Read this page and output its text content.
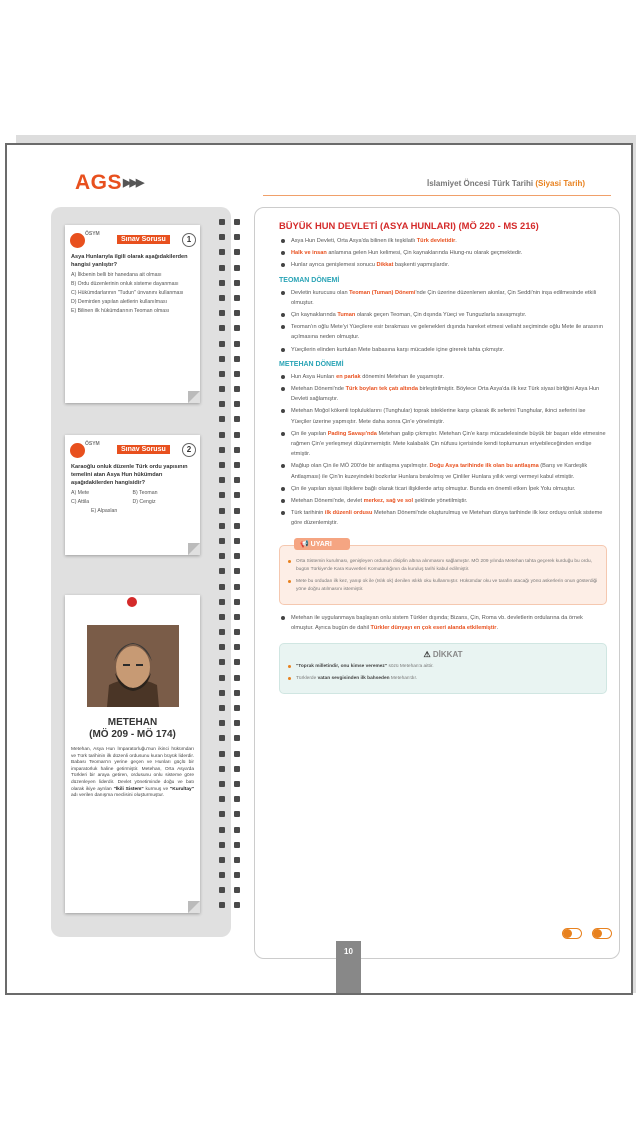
AGS▶▶▶	İslamiyet Öncesi Türk Tarihi (Siyasi Tarih)
ÖSYM
Sınav Sorusu	1
Asya Hunlarıyla ilgili olarak aşağıdakilerden hangisi yanlıştır?
A) İlkbenin belli bir hanedana ait olması
B) Ordu düzenlerinin onluk sisteme dayanması
C) Hükümdarlarının "Tudun" ünvanını kullanması
D) Demirden yapılan aletlerin kullanılması
E) Bilinen ilk hükümdarının Teoman olması
ÖSYM
Sınav Sorusu	2
Karaoğlu onluk düzenle Türk ordu yapısının temelini atan Asya Hun hükümdarı aşağıdakilerden hangisidir?
A) Mete	B) Teoman
C) Attila	D) Cengiz
E) Alpaslan
METEHAN
(MÖ 209 - MÖ 174)
Metehan, Asya Hun İmparatorluğu'nun ikinci hükümdarı ve Türk tarihinin ilk düzenli ordusunu kuran büyük liderdir. Babası Teoman'ın yerine geçen ve Hunları güçlü bir imparatorluk haline getirmiştir. Metehan, Orta Asya'da Türkleri bir araya getiren, ordusunu onlu sisteme göre düzenleyen liderdir. Devlet yönetiminde doğu ve batı olarak ikiye ayrılan "İkili Sistem" kurmuş ve "Kurultay" adı verilen danışma meclisini oluşturmuştur.
BÜYÜK HUN DEVLETİ (ASYA HUNLARI) (MÖ 220 - MS 216)
Asya Hun Devleti, Orta Asya'da bilinen ilk teşkilatlı Türk devletidir.
Halk ve insan anlamına gelen Hun kelimesi, Çin kaynaklarında Hiung-nu olarak geçmektedir.
Hunlar ayrıca genişlemesi sonucu Dikkat başkenti yapmışlardır.
TEOMAN DÖNEMİ
Devletin kurucusu olan Teoman (Tuman) Dönemi'nde Çin üzerine düzenlenen akınlar, Çin Seddi'nin inşa edilmesinde etkili olmuştur.
Çin kaynaklarında Tuman olarak geçen Teoman, Çin dışında Yüeçi ve Tunguzlarla savaşmıştır.
Teoman'ın oğlu Mete'yi Yüeçilere esir bırakması ve gelenekleri dışında hareket etmesi veliaht seçiminde oğlu Mete ile arasının açılmasına neden olmuştur.
Yüeçilerin elinden kurtulan Mete babasına karşı mücadele içine girerek tahta çıkmıştır.
METEHAN DÖNEMİ
Hun Asya Hunları en parlak dönemini Metehan ile yaşamıştır.
Metehan Dönemi'nde Türk boyları tek çatı altında birleştirilmiştir. Böylece Orta Asya'da ilk kez Türk siyasi birliğini Asya Hun Devleti sağlamıştır.
Metehan Moğol kökenli topluluklarını (Tunghular) toprak isteklerine karşı çıkarak ilk seferini Tunghular, ikinci seferini ise Yüeçiler üzerine yapmıştır. Mete daha sonra Çin'e yönelmiştir.
Çin ile yapılan Pading Savaşı'nda Metehan galip çıkmıştır. Metehan Çin'e karşı mücadelesinde büyük bir başarı elde etmesine rağmen Çin'e yerleşmeyi düşünmemiştir. Mete kalabalık Çin nüfusu içerisinde kendi toplumunun eriyebileceğinden endişe etmiştir.
Mağlup olan Çin ile MÖ 200'de bir antlaşma yapılmıştır. Doğu Asya tarihinde ilk olan bu antlaşma (Barış ve Kardeşlik Antlaşması) ile Çin'in kuzeyindeki bozkırlar Hunlara bırakılmış ve Çinliler Hunlara yıllık vergi vermeyi kabul etmiştir.
Çin ile yapılan siyasi ilişkilere bağlı olarak ticari ilişkilerde artış olmuştur. Bunda en önemli etken İpek Yolu olmuştur.
Metehan Dönemi'nde, devlet merkez, sağ ve sol şeklinde yönetilmiştir.
Türk tarihinin ilk düzenli ordusu Metehan Dönemi'nde oluşturulmuş ve Metehan dünya tarihinde ilk kez orduyu onluk sisteme göre düzenlemiştir.
📢 UYARI
Orta Sistemin kurulması, genişleyen ordunun disiplin altına alınmasını sağlamıştır. MÖ 209 yılında Metehan tahta geçerek kurduğu bu ordu, bugün Türkiye'de Kara Kuvvetleri Komutanlığının da kuruluş tarihi kabul edilmiştir.
Mete bu ordudan ilk kez, yanıp ok ile (Islık ok) denilen ıslıklı oku kullanmıştır. Hükümdar oku ve tarafın atacağı yönü askerlerin onun gösterdiği yöne doğru atılmasını istemiştir.
Metehan ile uygulanmaya başlayan onlu sistem Türkler dışında; Bizans, Çin, Roma vb. devletlerin ordularına da örnek olmuştur. Ayrıca bugün de dahil Türkler dünyayı en çok eseri alanda etkilemiştir.
⚠ DİKKAT
"Toprak milletindir, onu kimse veremez" sözü Metehan'a aittir.
Türklerde vatan sevgisinden ilk bahseden Metehan'dır.
10
